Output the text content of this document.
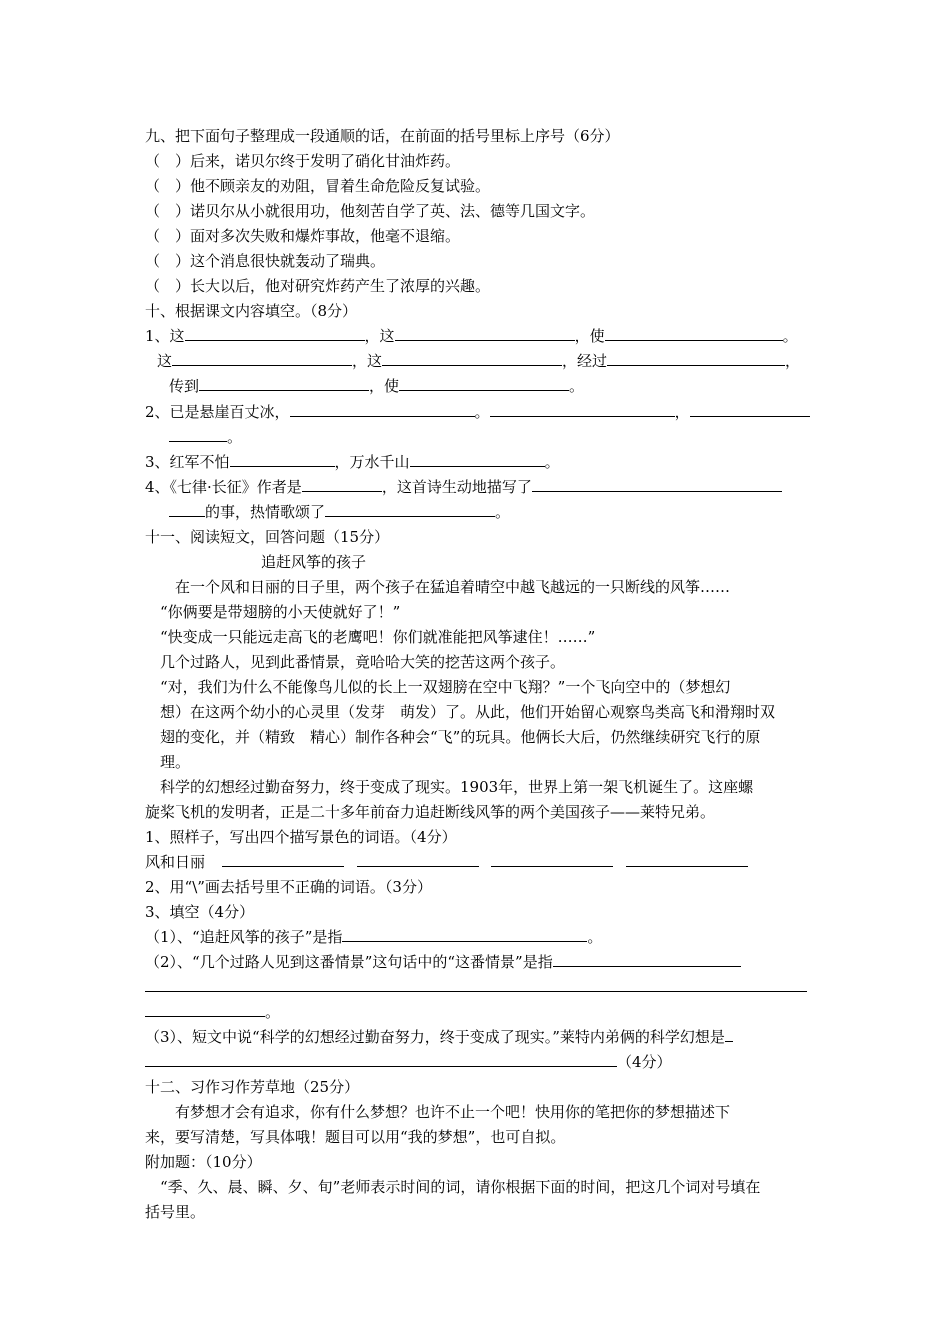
九、把下面句子整理成一段通顺的话，在前面的括号里标上序号（6分）
（　）后来，诺贝尔终于发明了硝化甘油炸药。
（　）他不顾亲友的劝阻，冒着生命危险反复试验。
（　）诺贝尔从小就很用功，他刻苦自学了英、法、德等几国文字。
（　）面对多次失败和爆炸事故，他毫不退缩。
（　）这个消息很快就轰动了瑞典。
（　）长大以后，他对研究炸药产生了浓厚的兴趣。
十、根据课文内容填空。（8分）
1、这	，这	，使	。
这	，这	，经过	，
传到	，使	。
2、已是悬崖百丈冰，	。	，
。
3、红军不怕	，万水千山	。
4、《七律·长征》作者是	，这首诗生动地描写了
的事，热情歌颂了	。
十一、阅读短文，回答问题（15分）
追赶风筝的孩子
在一个风和日丽的日子里，两个孩子在猛追着晴空中越飞越远的一只断线的风筝……
“你俩要是带翅膀的小天使就好了！”
“快变成一只能远走高飞的老鹰吧！你们就准能把风筝逮住！……”
几个过路人，见到此番情景，竟哈哈大笑的挖苦这两个孩子。
“对，我们为什么不能像鸟儿似的长上一双翅膀在空中飞翔？”一个飞向空中的（梦想幻
想）在这两个幼小的心灵里（发芽　萌发）了。从此，他们开始留心观察鸟类高飞和滑翔时双
翅的变化，并（精致　精心）制作各种会“飞”的玩具。他俩长大后，仍然继续研究飞行的原
理。
科学的幻想经过勤奋努力，终于变成了现实。1903年，世界上第一架飞机诞生了。这座螺
旋桨飞机的发明者，正是二十多年前奋力追赶断线风筝的两个美国孩子——莱特兄弟。
1、照样子，写出四个描写景色的词语。（4分）
风和日丽
2、用“\”画去括号里不正确的词语。（3分）
3、填空（4分）
（1）、“追赶风筝的孩子”是指	。
（2）、“几个过路人见到这番情景”这句话中的“这番情景”是指
。
（3）、短文中说“科学的幻想经过勤奋努力，终于变成了现实。”莱特内弟俩的科学幻想是
（4分）
十二、习作习作芳草地（25分）
有梦想才会有追求，你有什么梦想？也许不止一个吧！快用你的笔把你的梦想描述下
来，要写清楚，写具体哦！题目可以用“我的梦想”，也可自拟。
附加题：（10分）
“季、久、晨、瞬、夕、旬”老师表示时间的词，请你根据下面的时间，把这几个词对号填在
括号里。
